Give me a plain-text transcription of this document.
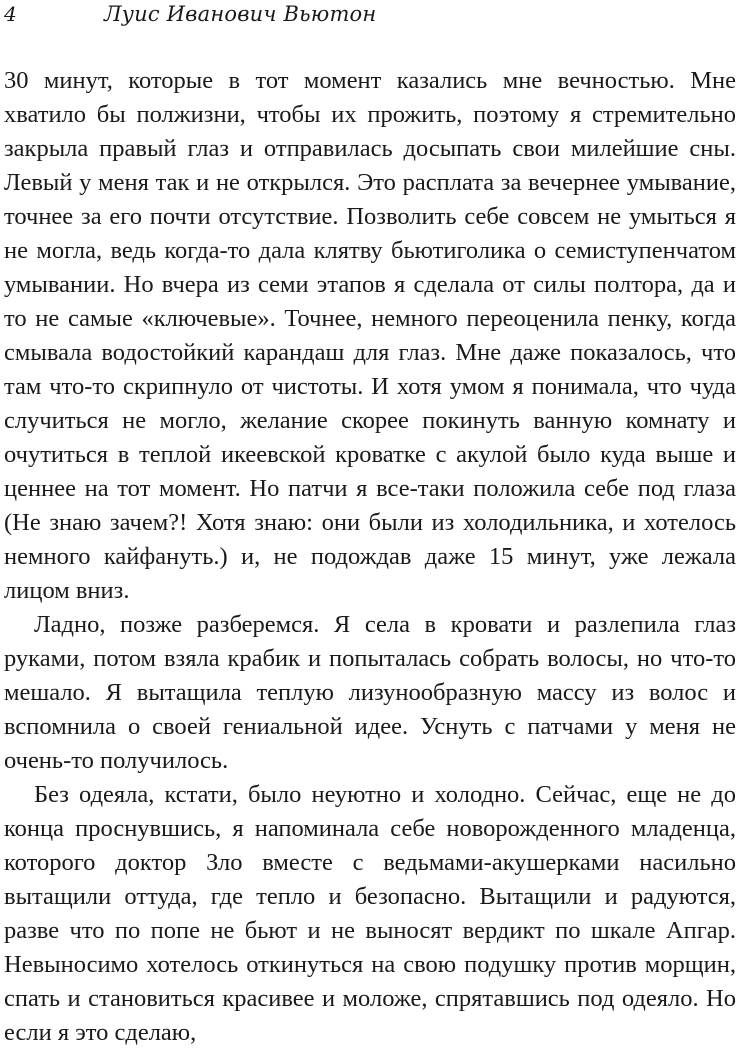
4	Луис Иванович Вьютон

30 минут, которые в тот момент казались мне вечностью. Мне хватило бы полжизни, чтобы их прожить, поэтому я стремительно закрыла правый глаз и отправилась досыпать свои милейшие сны. Левый у меня так и не открылся. Это расплата за вечернее умывание, точнее за его почти отсутствие. Позволить себе совсем не умыться я не могла, ведь когда-то дала клятву бьютиголика о семиступенчатом умывании. Но вчера из семи этапов я сделала от силы полтора, да и то не самые «ключевые». Точнее, немного переоценила пенку, когда смывала водостойкий карандаш для глаз. Мне даже показалось, что там что-то скрипнуло от чистоты. И хотя умом я понимала, что чуда случиться не могло, желание скорее покинуть ванную комнату и очутиться в теплой икеевской кроватке с акулой было куда выше и ценнее на тот момент. Но патчи я все-таки положила себе под глаза (Не знаю зачем?! Хотя знаю: они были из холодильника, и хотелось немного кайфануть.) и, не подождав даже 15 минут, уже лежала лицом вниз.

Ладно, позже разберемся. Я села в кровати и разлепила глаз руками, потом взяла крабик и попыталась собрать волосы, но что-то мешало. Я вытащила теплую лизунообразную массу из волос и вспомнила о своей гениальной идее. Уснуть с патчами у меня не очень-то получилось.

Без одеяла, кстати, было неуютно и холодно. Сейчас, еще не до конца проснувшись, я напоминала себе новорожденного младенца, которого доктор Зло вместе с ведьмами-акушерками насильно вытащили оттуда, где тепло и безопасно. Вытащили и радуются, разве что по попе не бьют и не выносят вердикт по шкале Апгар. Невыносимо хотелось откинуться на свою подушку против морщин, спать и становиться красивее и моложе, спрятавшись под одеяло. Но если я это сделаю,
